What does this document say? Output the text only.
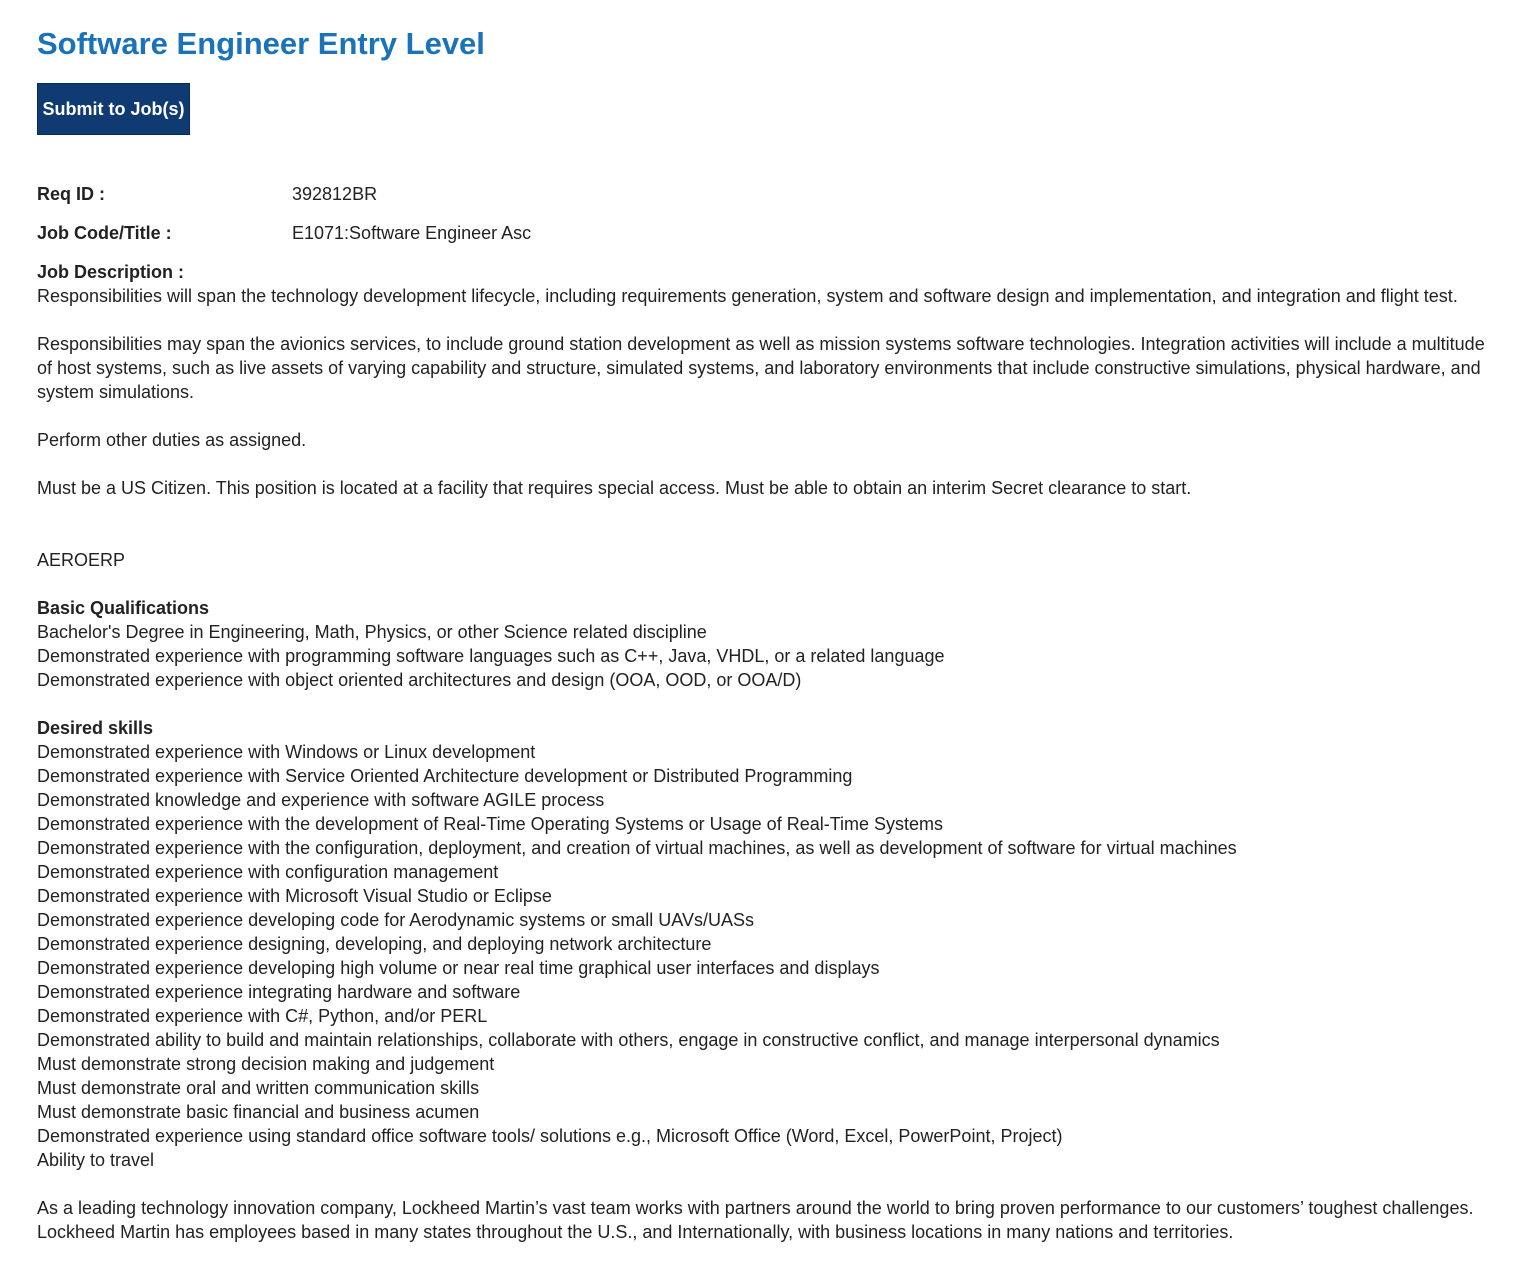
Software Engineer Entry Level
Submit to Job(s)
Req ID :	392812BR
Job Code/Title :	E1071:Software Engineer Asc
Job Description :

Responsibilities will span the technology development lifecycle, including requirements generation, system and software design and implementation, and integration and flight test.

Responsibilities may span the avionics services, to include ground station development as well as mission systems software technologies. Integration activities will include a multitude of host systems, such as live assets of varying capability and structure, simulated systems, and laboratory environments that include constructive simulations, physical hardware, and system simulations.

Perform other duties as assigned.

Must be a US Citizen. This position is located at a facility that requires special access. Must be able to obtain an interim Secret clearance to start.

AEROERP

Basic Qualifications
Bachelor's Degree in Engineering, Math, Physics, or other Science related discipline
Demonstrated experience with programming software languages such as C++, Java, VHDL, or a related language
Demonstrated experience with object oriented architectures and design (OOA, OOD, or OOA/D)
Desired skills
Demonstrated experience with Windows or Linux development
Demonstrated experience with Service Oriented Architecture development or Distributed Programming
Demonstrated knowledge and experience with software AGILE process
Demonstrated experience with the development of Real-Time Operating Systems or Usage of Real-Time Systems
Demonstrated experience with the configuration, deployment, and creation of virtual machines, as well as development of software for virtual machines
Demonstrated experience with configuration management
Demonstrated experience with Microsoft Visual Studio or Eclipse
Demonstrated experience developing code for Aerodynamic systems or small UAVs/UASs
Demonstrated experience designing, developing, and deploying network architecture
Demonstrated experience developing high volume or near real time graphical user interfaces and displays
Demonstrated experience integrating hardware and software
Demonstrated experience with C#, Python, and/or PERL
Demonstrated ability to build and maintain relationships, collaborate with others, engage in constructive conflict, and manage interpersonal dynamics
Must demonstrate strong decision making and judgement
Must demonstrate oral and written communication skills
Must demonstrate basic financial and business acumen
Demonstrated experience using standard office software tools/ solutions e.g., Microsoft Office (Word, Excel, PowerPoint, Project)
Ability to travel

As a leading technology innovation company, Lockheed Martin’s vast team works with partners around the world to bring proven performance to our customers’ toughest challenges. Lockheed Martin has employees based in many states throughout the U.S., and Internationally, with business locations in many nations and territories.
